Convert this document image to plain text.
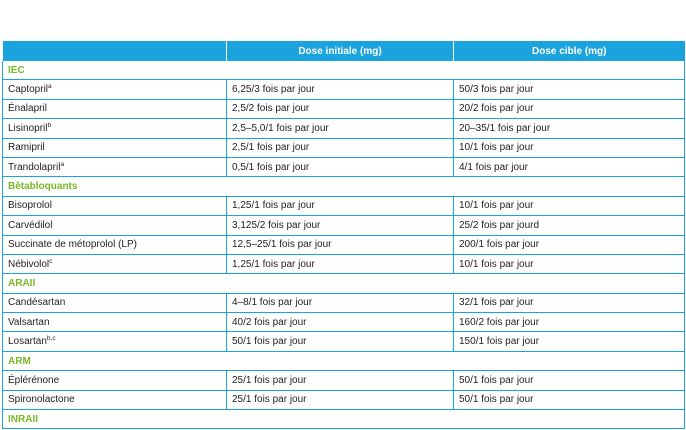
	Dose initiale (mg)	Dose cible (mg)
IEC		
Captopril$^a$	6,25/3 fois par jour	50/3 fois par jour
Énalapril	2,5/2 fois par jour	20/2 fois par jour
Lisinopril$^b$	2,5–5,0/1 fois par jour	20–35/1 fois par jour
Ramipril	2,5/1 fois par jour	10/1 fois par jour
Trandolapril$^a$	0,5/1 fois par jour	4/1 fois par jour
Bêtabloquants		
Bisoprolol	1,25/1 fois par jour	10/1 fois par jour
Carvédilol	3,125/2 fois par jour	25/2 fois par jourd
Succinate de métoprolol (LP)	12,5–25/1 fois par jour	200/1 fois par jour
Nébivolol$^c$	1,25/1 fois par jour	10/1 fois par jour
ARAII		
Candésartan	4–8/1 fois par jour	32/1 fois par jour
Valsartan	40/2 fois par jour	160/2 fois par jour
Losartan$^{b,c}$	50/1 fois par jour	150/1 fois par jour
ARM		
Éplérénone	25/1 fois par jour	50/1 fois par jour
Spironolactone	25/1 fois par jour	50/1 fois par jour
INRAII		
